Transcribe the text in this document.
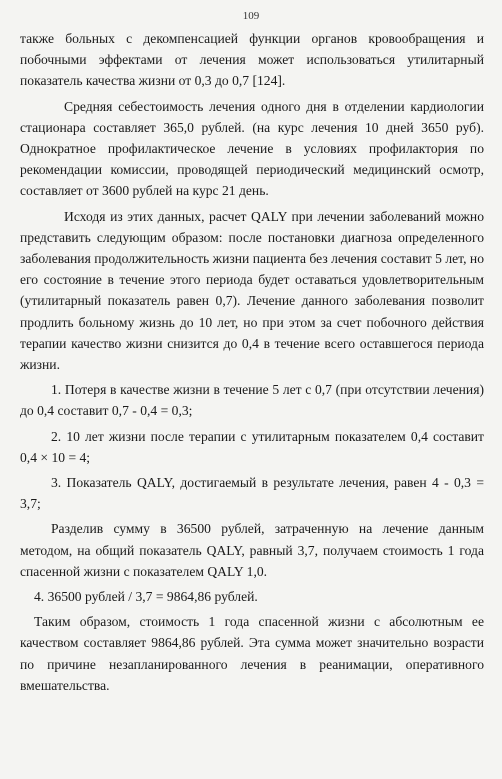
109

также больных с декомпенсацией функции органов кровообращения и побочными эффектами от лечения может использоваться утилитарный показатель качества жизни от 0,3 до 0,7 [124].

Средняя себестоимость лечения одного дня в отделении кардиологии стационара составляет 365,0 рублей. (на курс лечения 10 дней 3650 руб). Однократное профилактическое лечение в условиях профилактория по рекомендации комиссии, проводящей периодический медицинский осмотр, составляет от 3600 рублей на курс 21 день.

Исходя из этих данных, расчет QALY при лечении заболеваний можно представить следующим образом: после постановки диагноза определенного заболевания продолжительность жизни пациента без лечения составит 5 лет, но его состояние в течение этого периода будет оставаться удовлетворительным (утилитарный показатель равен 0,7). Лечение данного заболевания позволит продлить больному жизнь до 10 лет, но при этом за счет побочного действия терапии качество жизни снизится до 0,4 в течение всего оставшегося периода жизни.

1. Потеря в качестве жизни в течение 5 лет с 0,7 (при отсутствии лечения) до 0,4 составит 0,7 - 0,4 = 0,3;

2. 10 лет жизни после терапии с утилитарным показателем 0,4 составит 0,4 × 10 = 4;

3. Показатель QALY, достигаемый в результате лечения, равен 4 - 0,3 = 3,7;

Разделив сумму в 36500 рублей, затраченную на лечение данным методом, на общий показатель QALY, равный 3,7, получаем стоимость 1 года спасенной жизни с показателем QALY 1,0.

4. 36500 рублей / 3,7 = 9864,86 рублей.

Таким образом, стоимость 1 года спасенной жизни с абсолютным ее качеством составляет 9864,86 рублей. Эта сумма может значительно возрасти по причине незапланированного лечения в реанимации, оперативного вмешательства.
